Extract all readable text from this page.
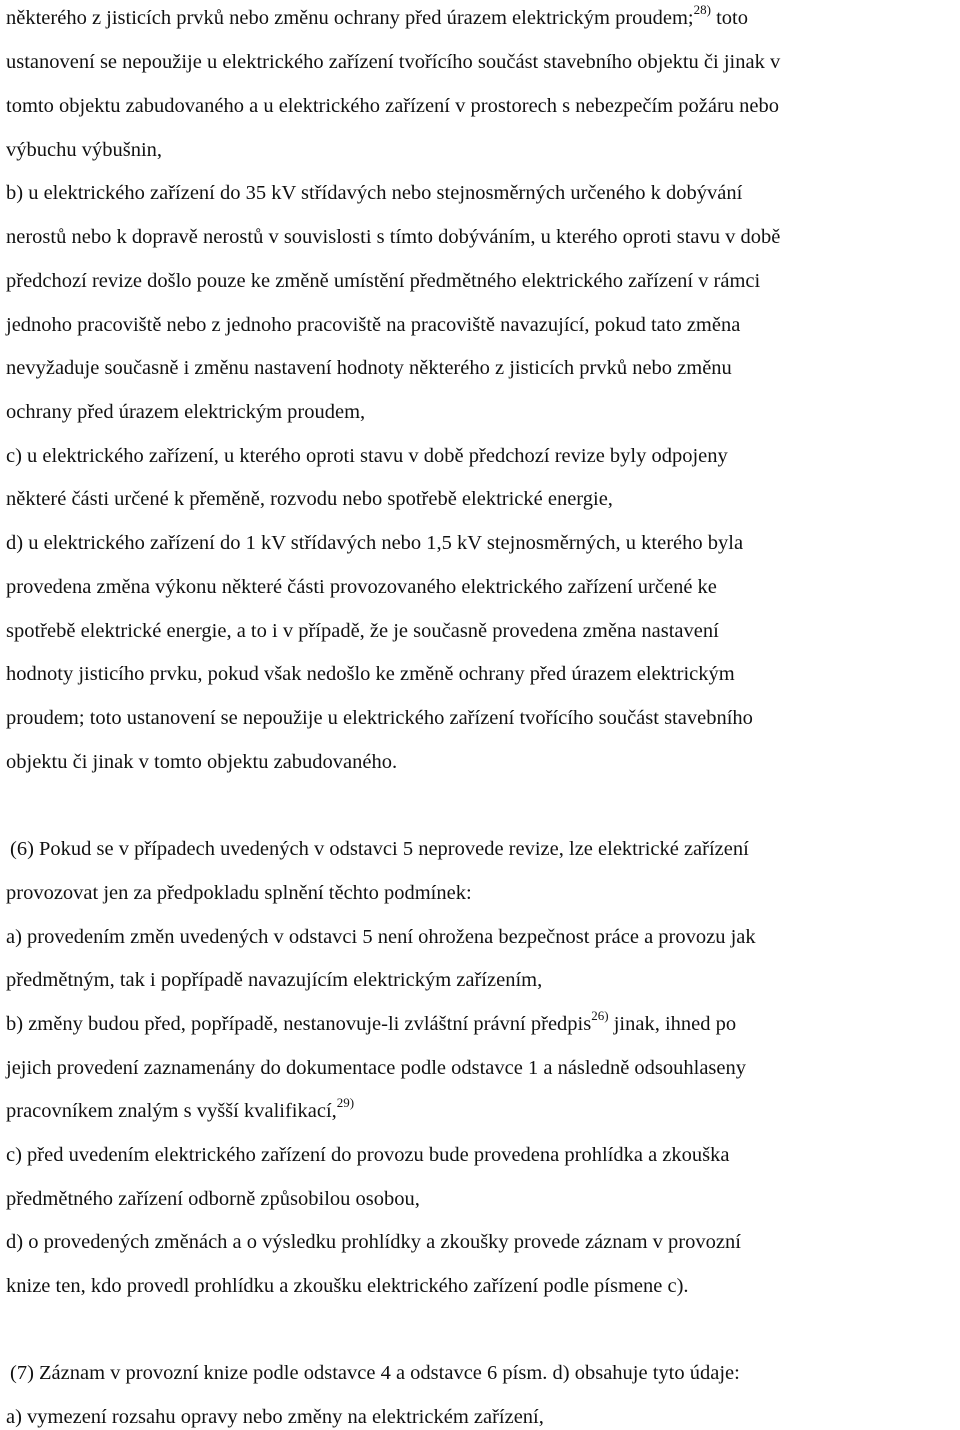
některého z jisticích prvků nebo změnu ochrany před úrazem elektrickým proudem;$^{28)}$ toto
ustanovení se nepoužije u elektrického zařízení tvořícího součást stavebního objektu či jinak v
tomto objektu zabudovaného a u elektrického zařízení v prostorech s nebezpečím požáru nebo
výbuchu výbušnin,
b) u elektrického zařízení do 35 kV střídavých nebo stejnosměrných určeného k dobývání
nerostů nebo k dopravě nerostů v souvislosti s tímto dobýváním, u kterého oproti stavu v době
předchozí revize došlo pouze ke změně umístění předmětného elektrického zařízení v rámci
jednoho pracoviště nebo z jednoho pracoviště na pracoviště navazující, pokud tato změna
nevyžaduje současně i změnu nastavení hodnoty některého z jisticích prvků nebo změnu
ochrany před úrazem elektrickým proudem,
c) u elektrického zařízení, u kterého oproti stavu v době předchozí revize byly odpojeny
některé části určené k přeměně, rozvodu nebo spotřebě elektrické energie,
d) u elektrického zařízení do 1 kV střídavých nebo 1,5 kV stejnosměrných, u kterého byla
provedena změna výkonu některé části provozovaného elektrického zařízení určené ke
spotřebě elektrické energie, a to i v případě, že je současně provedena změna nastavení
hodnoty jisticího prvku, pokud však nedošlo ke změně ochrany před úrazem elektrickým
proudem; toto ustanovení se nepoužije u elektrického zařízení tvořícího součást stavebního
objektu či jinak v tomto objektu zabudovaného.
(6) Pokud se v případech uvedených v odstavci 5 neprovede revize, lze elektrické zařízení
provozovat jen za předpokladu splnění těchto podmínek:
a) provedením změn uvedených v odstavci 5 není ohrožena bezpečnost práce a provozu jak
předmětným, tak i popřípadě navazujícím elektrickým zařízením,
b) změny budou před, popřípadě, nestanovuje-li zvláštní právní předpis$^{26)}$ jinak, ihned po
jejich provedení zaznamenány do dokumentace podle odstavce 1 a následně odsouhlaseny
pracovníkem znalým s vyšší kvalifikací,$^{29)}$
c) před uvedením elektrického zařízení do provozu bude provedena prohlídka a zkouška
předmětného zařízení odborně způsobilou osobou,
d) o provedených změnách a o výsledku prohlídky a zkoušky provede záznam v provozní
knize ten, kdo provedl prohlídku a zkoušku elektrického zařízení podle písmene c).
(7) Záznam v provozní knize podle odstavce 4 a odstavce 6 písm. d) obsahuje tyto údaje:
a) vymezení rozsahu opravy nebo změny na elektrickém zařízení,
